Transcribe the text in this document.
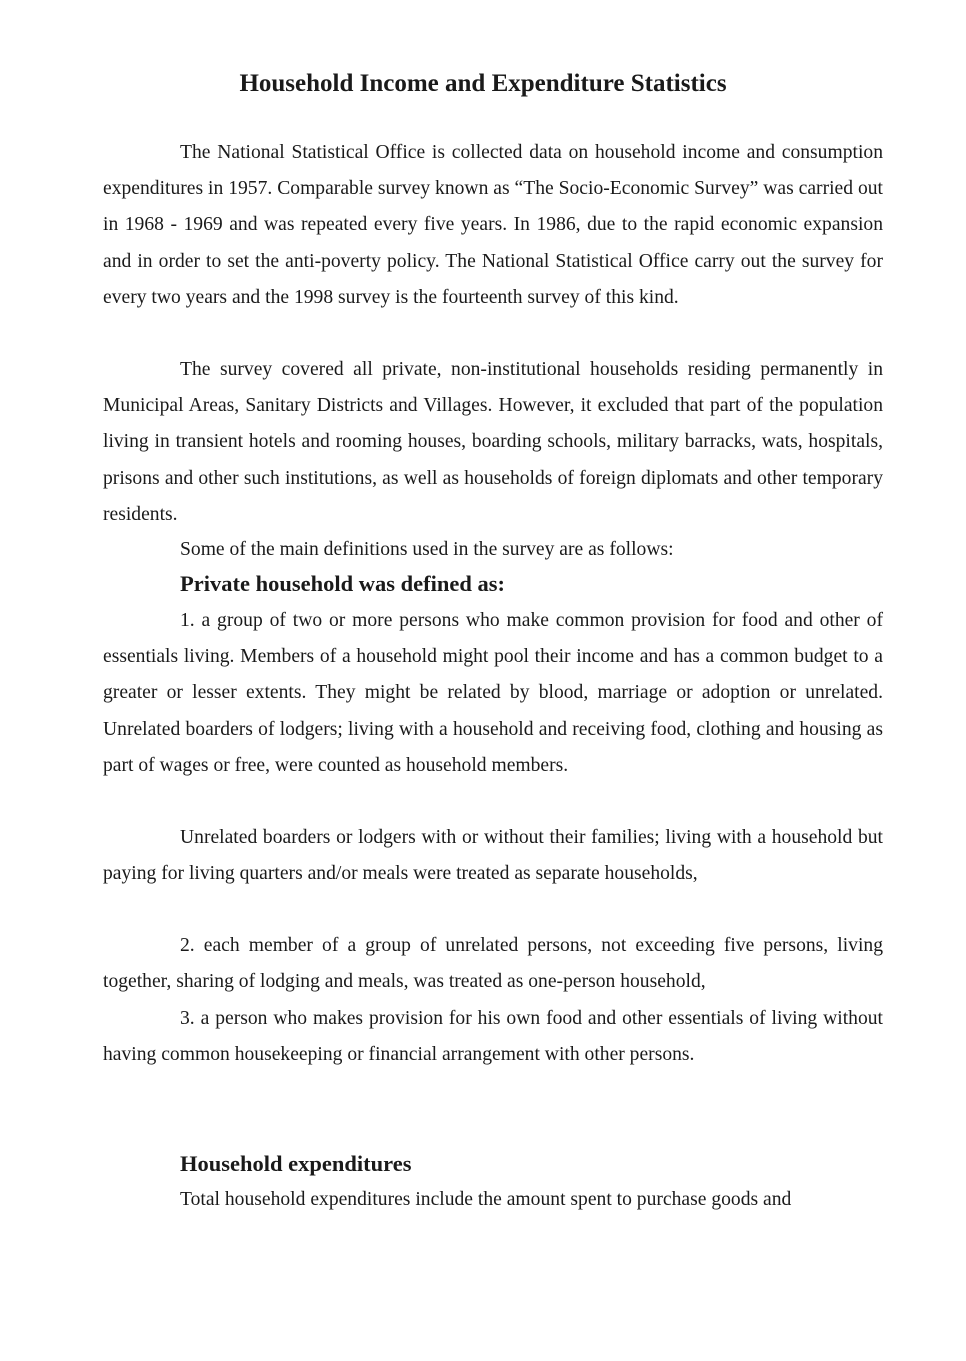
Household Income and Expenditure Statistics

The National Statistical Office is collected data on household income and consumption expenditures in 1957. Comparable survey known as “The Socio-Economic Survey” was carried out in 1968 - 1969 and was repeated every five years. In 1986, due to the rapid economic expansion and in order to set the anti-poverty policy. The National Statistical Office carry out the survey for every two years and the 1998 survey is the fourteenth survey of this kind.

The survey covered all private, non-institutional households residing permanently in Municipal Areas, Sanitary Districts and Villages. However, it excluded that part of the population living in transient hotels and rooming houses, boarding schools, military barracks, wats, hospitals, prisons and other such institutions, as well as households of foreign diplomats and other temporary residents.

Some of the main definitions used in the survey are as follows:

Private household was defined as:

1. a group of two or more persons who make common provision for food and other of essentials living. Members of a household might pool their income and has a common budget to a greater or lesser extents. They might be related by blood, marriage or adoption or unrelated. Unrelated boarders of lodgers; living with a household and receiving food, clothing and housing as part of wages or free, were counted as household members.

Unrelated boarders or lodgers with or without their families; living with a household but paying for living quarters and/or meals were treated as separate households,

2. each member of a group of unrelated persons, not exceeding five persons, living together, sharing of lodging and meals, was treated as one-person household,

3. a person who makes provision for his own food and other essentials of living without having common housekeeping or financial arrangement with other persons.

Household expenditures

Total household expenditures include the amount spent to purchase goods and
